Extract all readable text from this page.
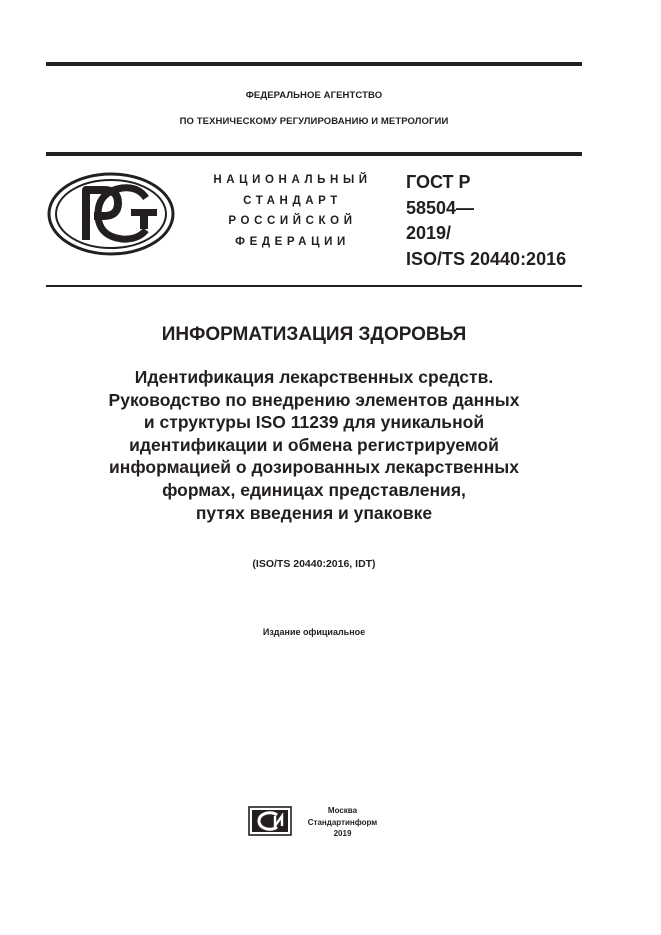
ФЕДЕРАЛЬНОЕ АГЕНТСТВО
ПО ТЕХНИЧЕСКОМУ РЕГУЛИРОВАНИЮ И МЕТРОЛОГИИ
НАЦИОНАЛЬНЫЙ
СТАНДАРТ
РОССИЙСКОЙ
ФЕДЕРАЦИИ
ГОСТ Р
58504—
2019/
ISO/TS 20440:2016
ИНФОРМАТИЗАЦИЯ ЗДОРОВЬЯ
Идентификация лекарственных средств.
Руководство по внедрению элементов данных
и структуры ISO 11239 для уникальной
идентификации и обмена регистрируемой
информацией о дозированных лекарственных
формах, единицах представления,
путях введения и упаковке
(ISO/TS 20440:2016, IDT)
Издание официальное
Москва
Стандартинформ
2019
